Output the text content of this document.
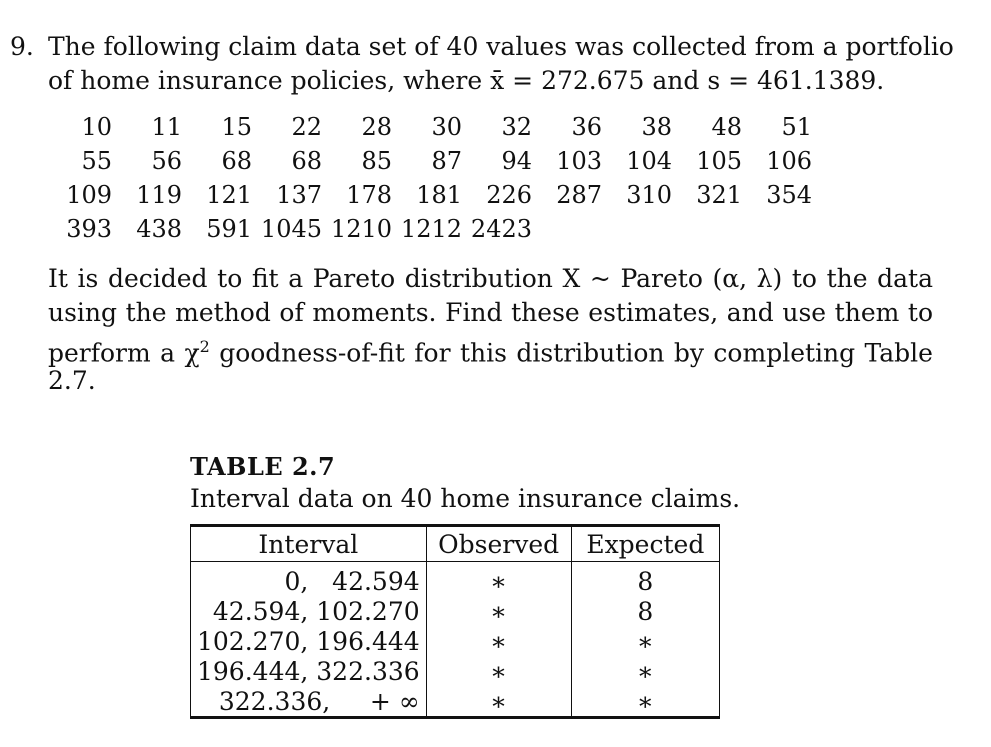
9. The following claim data set of 40 values was collected from a portfolio
of home insurance policies, where x̄ = 272.675 and s = 461.1389.
10	11	15	22	28	30	32	36	38	48	51
55	56	68	68	85	87	94	103	104	105	106
109	119	121	137	178	181	226	287	310	321	354
393	438	591	1045	1210	1212	2423				
It is decided to fit a Pareto distribution X ~ Pareto (α, λ) to the data
using the method of moments. Find these estimates, and use them to
perform a $\chi^2$ goodness-of-fit for this distribution by completing Table
2.7.
TABLE 2.7
Interval data on 40 home insurance claims.
Interval	Observed	Expected

0,   42.594	∗	8
42.594, 102.270	∗	8
102.270, 196.444	∗	∗
196.444, 322.336	∗	∗
322.336,     + ∞	∗	∗
